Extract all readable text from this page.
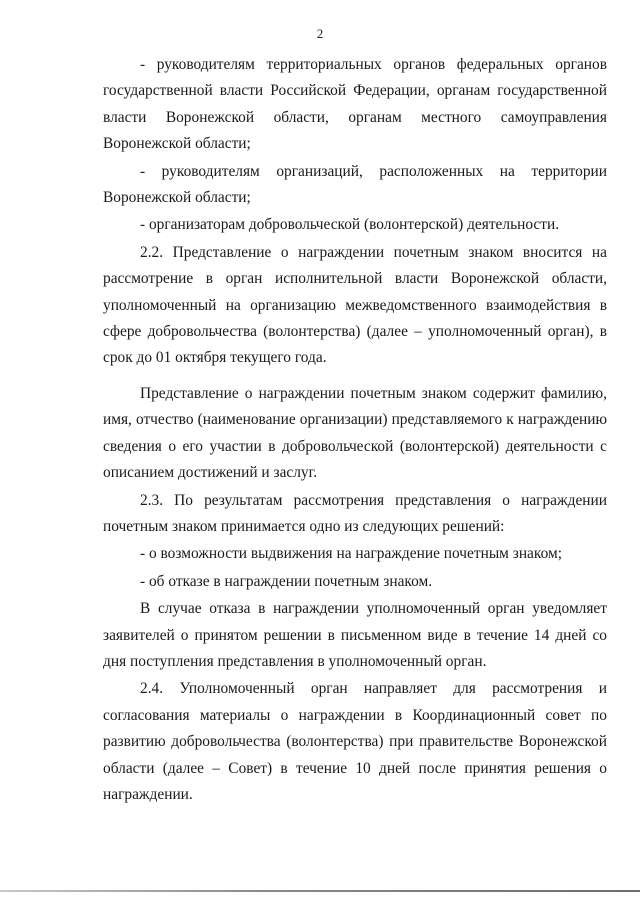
2

- руководителям территориальных органов федеральных органов государственной власти Российской Федерации, органам государственной власти Воронежской области, органам местного самоуправления Воронежской области;

- руководителям организаций, расположенных на территории Воронежской области;

- организаторам добровольческой (волонтерской) деятельности.

2.2. Представление о награждении почетным знаком вносится на рассмотрение в орган исполнительной власти Воронежской области, уполномоченный на организацию межведомственного взаимодействия в сфере добровольчества (волонтерства) (далее – уполномоченный орган), в срок до 01 октября текущего года.

Представление о награждении почетным знаком содержит фамилию, имя, отчество (наименование организации) представляемого к награждению сведения о его участии в добровольческой (волонтерской) деятельности с описанием достижений и заслуг.

2.3. По результатам рассмотрения представления о награждении почетным знаком принимается одно из следующих решений:

- о возможности выдвижения на награждение почетным знаком;

- об отказе в награждении почетным знаком.

В случае отказа в награждении уполномоченный орган уведомляет заявителей о принятом решении в письменном виде в течение 14 дней со дня поступления представления в уполномоченный орган.

2.4. Уполномоченный орган направляет для рассмотрения и согласования материалы о награждении в Координационный совет по развитию добровольчества (волонтерства) при правительстве Воронежской области (далее – Совет) в течение 10 дней после принятия решения о награждении.
